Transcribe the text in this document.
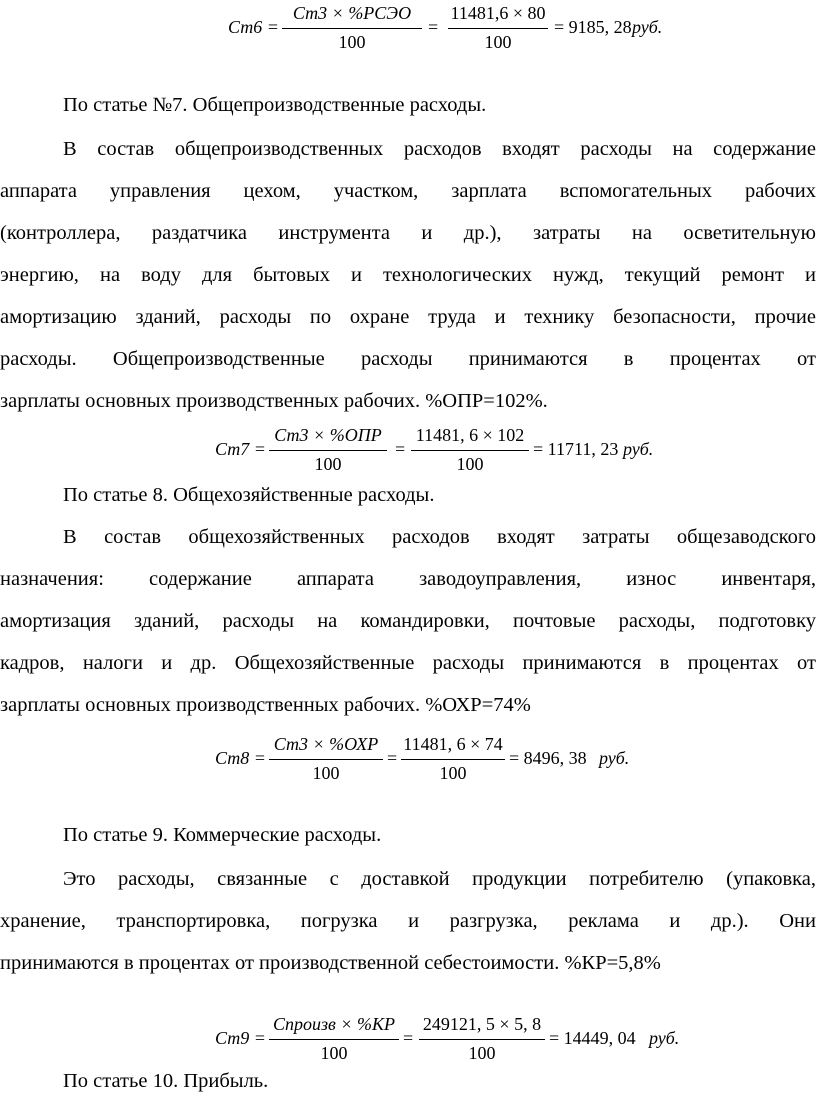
Ст6 =
Ст3 × %РСЭО
100
=
11481,6 × 80
100
= 9185, 28 руб.
По статье №7. Общепроизводственные расходы.
В состав общепроизводственных расходов входят расходы на содержание
аппарата управления цехом, участком, зарплата вспомогательных рабочих
(контроллера, раздатчика инструмента и др.), затраты на осветительную
энергию, на воду для бытовых и технологических нужд, текущий ремонт и
амортизацию зданий, расходы по охране труда и технику безопасности, прочие
расходы. Общепроизводственные расходы принимаются в процентах от
зарплаты основных производственных рабочих. %ОПР=102%.
Ст7 =
Ст3 × %ОПР
100
=
11481, 6 × 102
100
= 11711, 23 руб.
По статье 8. Общехозяйственные расходы.
В состав общехозяйственных расходов входят затраты общезаводского
назначения: содержание аппарата заводоуправления, износ инвентаря,
амортизация зданий, расходы на командировки, почтовые расходы, подготовку
кадров, налоги и др. Общехозяйственные расходы принимаются в процентах от
зарплаты основных производственных рабочих. %ОХР=74%
Ст8 =
Ст3 × %ОХР
100
=
11481, 6 × 74
100
= 8496, 38 руб.
По статье 9. Коммерческие расходы.
Это расходы, связанные с доставкой продукции потребителю (упаковка,
хранение, транспортировка, погрузка и разгрузка, реклама и др.). Они
принимаются в процентах от производственной себестоимости. %КР=5,8%
Ст9 =
Спроизв × %КР
100
=
249121, 5 × 5, 8
100
= 14449, 04 руб.
По статье 10. Прибыль.
